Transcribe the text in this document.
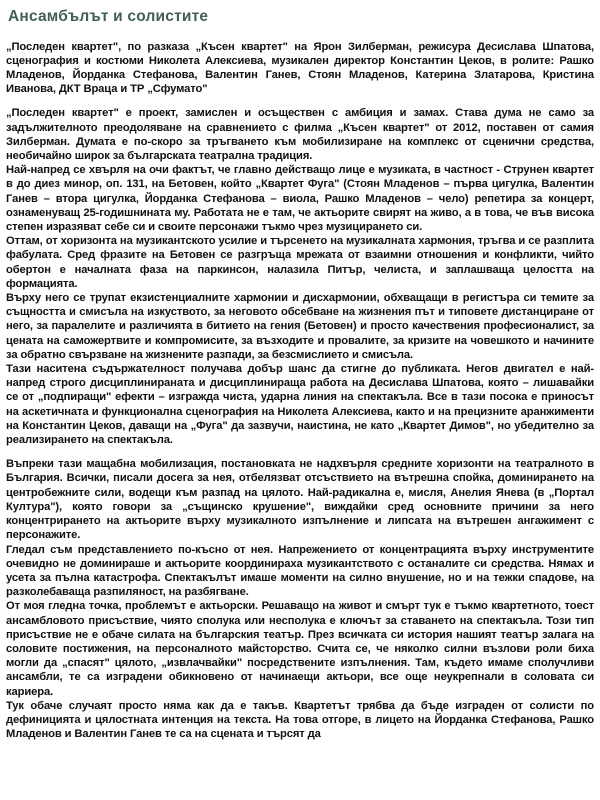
Ансамбълът и солистите

„Последен квартет", по разказа „Късен квартет" на Ярон Зилберман, режисура Десислава Шпатова, сценография и костюми Николета Алексиева, музикален директор Константин Цеков, в ролите: Рашко Младенов, Йорданка Стефанова, Валентин Ганев, Стоян Младенов, Катерина Златарова, Кристина Иванова, ДКТ Враца и ТР „Сфумато"

„Последен квартет" е проект, замислен и осъществен с амбиция и замах. Става дума не само за задължителното преодоляване на сравнението с филма „Късен квартет" от 2012, поставен от самия Зилберман. Думата е по-скоро за тръгването към мобилизиране на комплекс от сценични средства, необичайно широк за българската театрална традиция.

Най-напред се хвърля на очи фактът, че главно действащо лице е музиката, в частност - Струнен квартет в до диез минор, оп. 131, на Бетовен, който „Квартет Фуга" (Стоян Младенов – първа цигулка, Валентин Ганев – втора цигулка, Йорданка Стефанова – виола, Рашко Младенов – чело) репетира за концерт, ознаменуващ 25-годишнината му. Работата не е там, че актьорите свирят на живо, а в това, че във висока степен изразяват себе си и своите персонажи тъкмо чрез музицирането си.

Оттам, от хоризонта на музикантското усилие и търсенето на музикалната хармония, тръгва и се разплита фабулата. Сред фразите на Бетовен се разгръща мрежата от взаимни отношения и конфликти, чийто обертон е началната фаза на паркинсон, налазила Питър, челиста, и заплашваща целостта на формацията.

Върху него се трупат екзистенциалните хармонии и дисхармонии, обхващащи в регистъра си темите за същността и смисъла на изкуството, за неговото обсебване на жизнения път и типовете дистанциране от него, за паралелите и различията в битието на гения (Бетовен) и просто качествения професионалист, за цената на саможертвите и компромисите, за възходите и провалите, за кризите на човешкото и начините за обратно свързване на жизнените разпади, за безсмислието и смисъла.

Тази наситена съдържателност получава добър шанс да стигне до публиката. Негов двигател е най-напред строго дисциплинираната и дисциплинираща работа на Десислава Шпатова, която – лишавайки се от „подпиращи" ефекти – изгражда чиста, ударна линия на спектакъла. Все в тази посока е приносът на аскетичната и функционална сценография на Николета Алексиева, както и на прецизните аранжименти на Константин Цеков, даващи на „Фуга" да зазвучи, наистина, не като „Квартет Димов", но убедително за реализирането на спектакъла.

Въпреки тази мащабна мобилизация, постановката не надхвърля средните хоризонти на театралното в България. Всички, писали досега за нея, отбелязват отсъствието на вътрешна спойка, доминирането на центробежните сили, водещи към разпад на цялото. Най-радикална е, мисля, Анелия Янева (в „Портал Култура"), която говори за „същинско крушение", виждайки сред основните причини за него концентрирането на актьорите върху музикалното изпълнение и липсата на вътрешен ангажимент с персонажите.

Гледал съм представлението по-късно от нея. Напрежението от концентрацията върху инструментите очевидно не доминираше и актьорите координираха музикантството с останалите си средства. Нямах и усета за пълна катастрофа. Спектакълът имаше моменти на силно внушение, но и на тежки спадове, на разколебаваща разпиляност, на разбягване.

От моя гледна точка, проблемът е актьорски. Решаващо на живот и смърт тук е тъкмо квартетното, тоест ансамбловото присъствие, чиято сполука или несполука е ключът за ставането на спектакъла. Този тип присъствие не е обаче силата на българския театър. През всичката си история нашият театър залага на соловите постижения, на персоналното майсторство. Счита се, че няколко силни възлови роли биха могли да „спасят" цялото, „извлачвайки" посредствените изпълнения. Там, където имаме сполучливи ансамбли, те са изградени обикновено от начинаещи актьори, все още неукрепнали в соловата си кариера.

Тук обаче случаят просто няма как да е такъв. Квартетът трябва да бъде изграден от солисти по дефиницията и цялостната интенция на текста. На това отгоре, в лицето на Йорданка Стефанова, Рашко Младенов и Валентин Ганев те са на сцената и търсят да
